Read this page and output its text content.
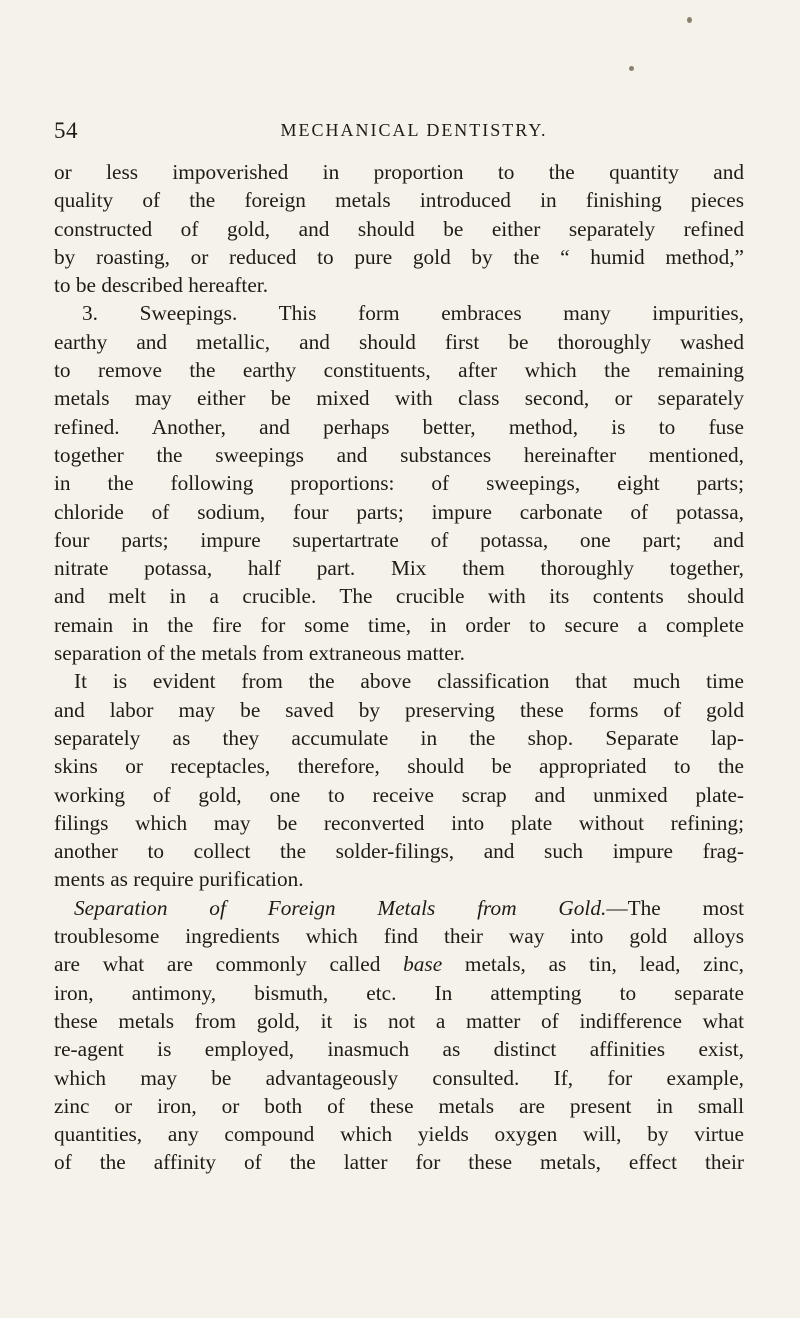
54	MECHANICAL DENTISTRY.
or less impoverished in proportion to the quantity and
quality of the foreign metals introduced in finishing pieces
constructed of gold, and should be either separately refined
by roasting, or reduced to pure gold by the “ humid method,”
to be described hereafter.
3. Sweepings. This form embraces many impurities,
earthy and metallic, and should first be thoroughly washed
to remove the earthy constituents, after which the remaining
metals may either be mixed with class second, or separately
refined. Another, and perhaps better, method, is to fuse
together the sweepings and substances hereinafter mentioned,
in the following proportions: of sweepings, eight parts;
chloride of sodium, four parts; impure carbonate of potassa,
four parts; impure supertartrate of potassa, one part; and
nitrate potassa, half part. Mix them thoroughly together,
and melt in a crucible. The crucible with its contents should
remain in the fire for some time, in order to secure a complete
separation of the metals from extraneous matter.
It is evident from the above classification that much time
and labor may be saved by preserving these forms of gold
separately as they accumulate in the shop. Separate lap-
skins or receptacles, therefore, should be appropriated to the
working of gold, one to receive scrap and unmixed plate-
filings which may be reconverted into plate without refining;
another to collect the solder-filings, and such impure frag-
ments as require purification.
Separation of Foreign Metals from Gold.—The most
troublesome ingredients which find their way into gold alloys
are what are commonly called base metals, as tin, lead, zinc,
iron, antimony, bismuth, etc. In attempting to separate
these metals from gold, it is not a matter of indifference what
re-agent is employed, inasmuch as distinct affinities exist,
which may be advantageously consulted. If, for example,
zinc or iron, or both of these metals are present in small
quantities, any compound which yields oxygen will, by virtue
of the affinity of the latter for these metals, effect their
